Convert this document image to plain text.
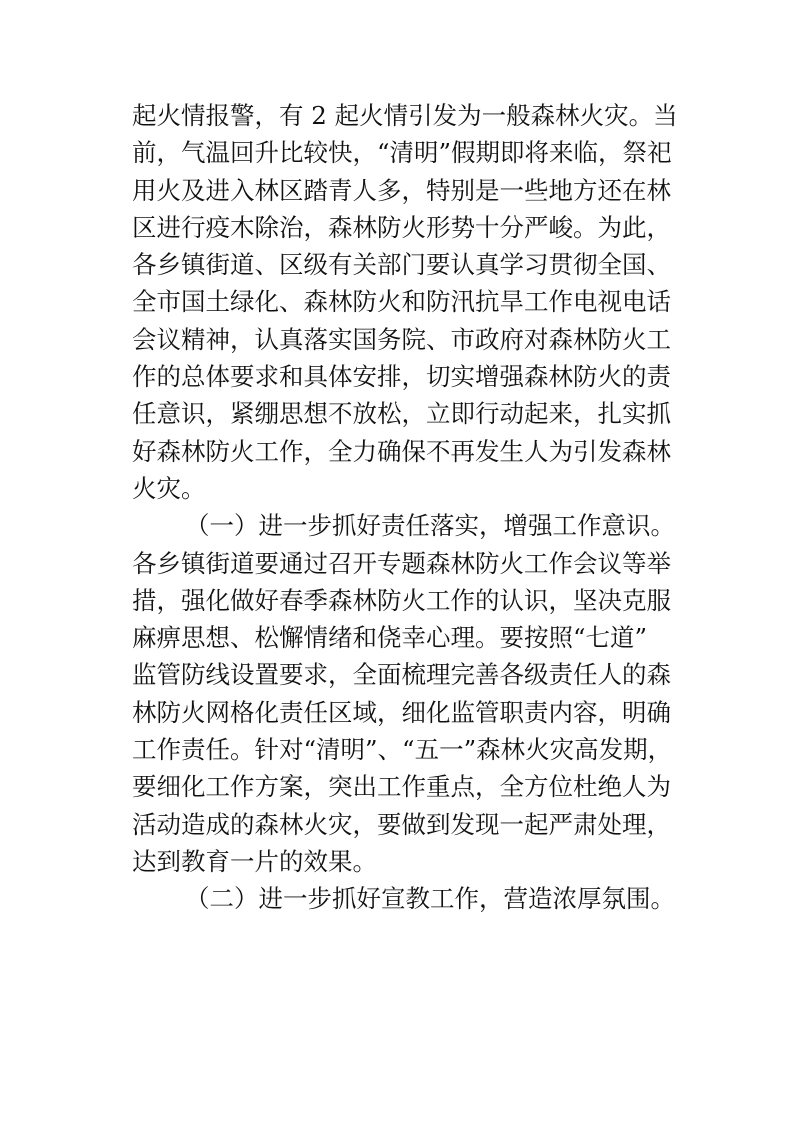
起火情报警，有 2 起火情引发为一般森林火灾。当
前，气温回升比较快，“清明”假期即将来临，祭祀
用火及进入林区踏青人多，特别是一些地方还在林
区进行疫木除治，森林防火形势十分严峻。为此，
各乡镇街道、区级有关部门要认真学习贯彻全国、
全市国土绿化、森林防火和防汛抗旱工作电视电话
会议精神，认真落实国务院、市政府对森林防火工
作的总体要求和具体安排，切实增强森林防火的责
任意识，紧绷思想不放松，立即行动起来，扎实抓
好森林防火工作，全力确保不再发生人为引发森林
火灾。
（一）进一步抓好责任落实，增强工作意识。
各乡镇街道要通过召开专题森林防火工作会议等举
措，强化做好春季森林防火工作的认识，坚决克服
麻痹思想、松懈情绪和侥幸心理。要按照“七道”
监管防线设置要求，全面梳理完善各级责任人的森
林防火网格化责任区域，细化监管职责内容，明确
工作责任。针对“清明”、“五一”森林火灾高发期，
要细化工作方案，突出工作重点，全方位杜绝人为
活动造成的森林火灾，要做到发现一起严肃处理，
达到教育一片的效果。
（二）进一步抓好宣教工作，营造浓厚氛围。
